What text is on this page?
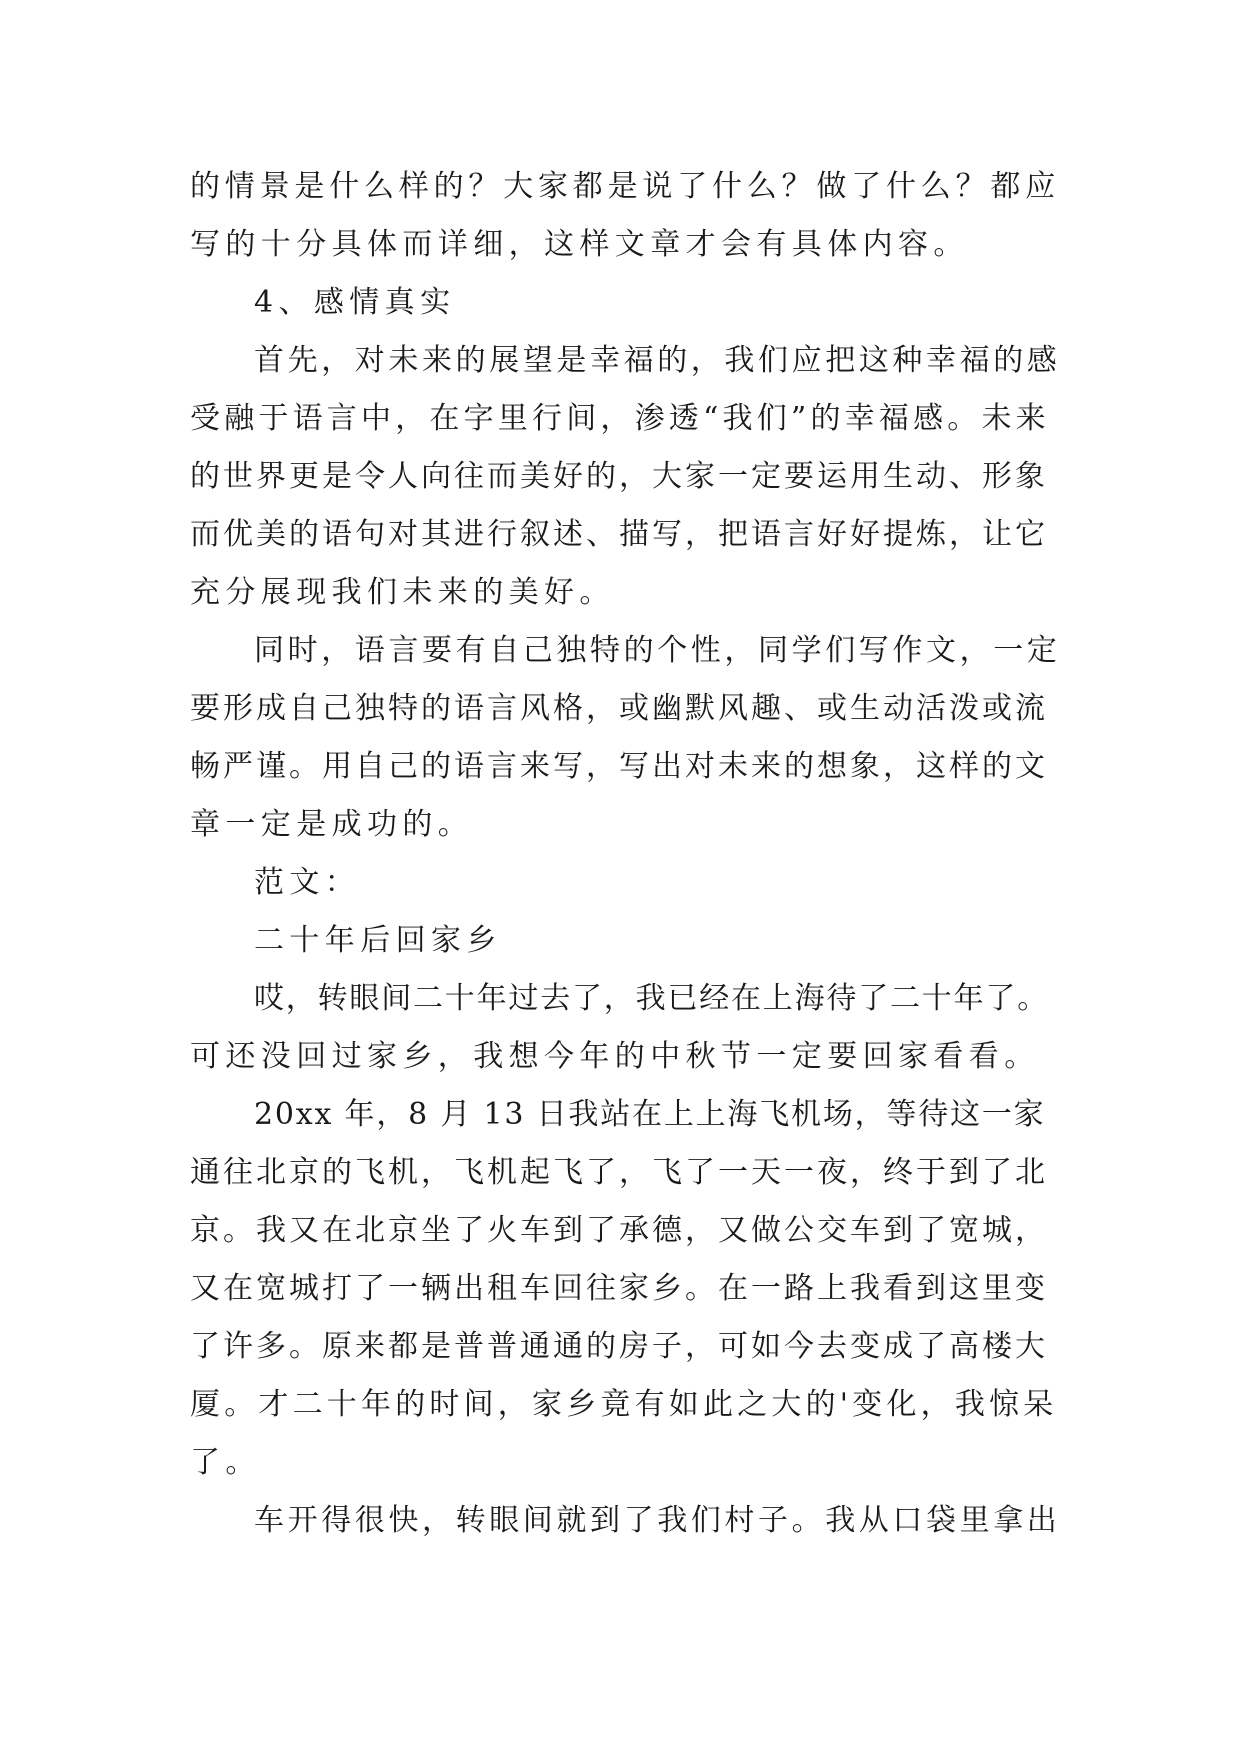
的情景是什么样的？大家都是说了什么？做了什么？都应
写的十分具体而详细，这样文章才会有具体内容。
4、感情真实
首先，对未来的展望是幸福的，我们应把这种幸福的感
受融于语言中，在字里行间，渗透“我们”的幸福感。未来
的世界更是令人向往而美好的，大家一定要运用生动、形象
而优美的语句对其进行叙述、描写，把语言好好提炼，让它
充分展现我们未来的美好。
同时，语言要有自己独特的个性，同学们写作文，一定
要形成自己独特的语言风格，或幽默风趣、或生动活泼或流
畅严谨。用自己的语言来写，写出对未来的想象，这样的文
章一定是成功的。
范文：
二十年后回家乡
哎，转眼间二十年过去了，我已经在上海待了二十年了。
可还没回过家乡，我想今年的中秋节一定要回家看看。
20xx 年，8 月 13 日我站在上上海飞机场，等待这一家
通往北京的飞机，飞机起飞了，飞了一天一夜，终于到了北
京。我又在北京坐了火车到了承德，又做公交车到了宽城，
又在宽城打了一辆出租车回往家乡。在一路上我看到这里变
了许多。原来都是普普通通的房子，可如今去变成了高楼大
厦。才二十年的时间，家乡竟有如此之大的'变化，我惊呆
了。
车开得很快，转眼间就到了我们村子。我从口袋里拿出
